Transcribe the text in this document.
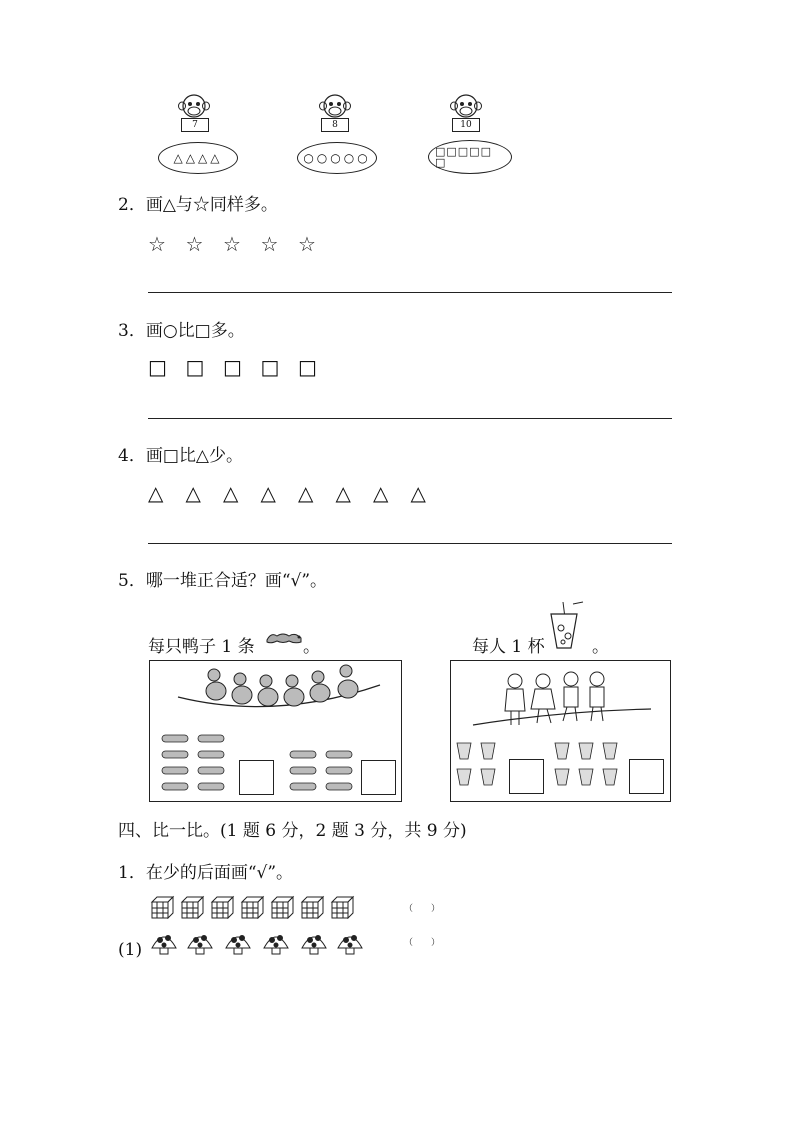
7
△△△△
8
○○○○○
10
□□□□□ □
2．画△与☆同样多。
☆ ☆ ☆ ☆ ☆
3．画○比□多。
□ □ □ □ □
4．画□比△少。
△ △ △ △ △ △ △ △
5．哪一堆正合适？画“√”。
每只鸭子 1 条	。	每人 1 杯	。
四、比一比。(1 题 6 分，2 题 3 分，共 9 分)
1．在少的后面画“√”。
（　　）
(1)	（　　）
